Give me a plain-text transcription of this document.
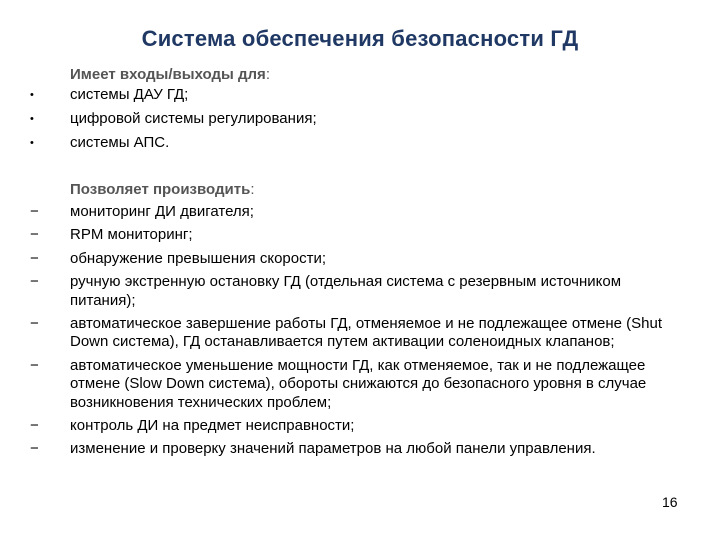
Система обеспечения безопасности ГД
Имеет входы/выходы для:
•	системы ДАУ ГД;
•	цифровой системы регулирования;
•	системы АПС.
Позволяет производить:
−	мониторинг ДИ двигателя;
−	RPM мониторинг;
−	обнаружение превышения скорости;
−	ручную экстренную остановку ГД (отдельная система с резервным источником питания);
−	автоматическое завершение работы ГД, отменяемое и не подлежащее отмене (Shut Down система), ГД останавливается путем активации соленоидных клапанов;
−	автоматическое уменьшение мощности ГД, как отменяемое, так и не подлежащее отмене (Slow Down система), обороты снижаются до безопасного уровня в случае возникновения технических проблем;
−	контроль ДИ на предмет неисправности;
−	изменение и проверку значений параметров на любой панели управления.
16
